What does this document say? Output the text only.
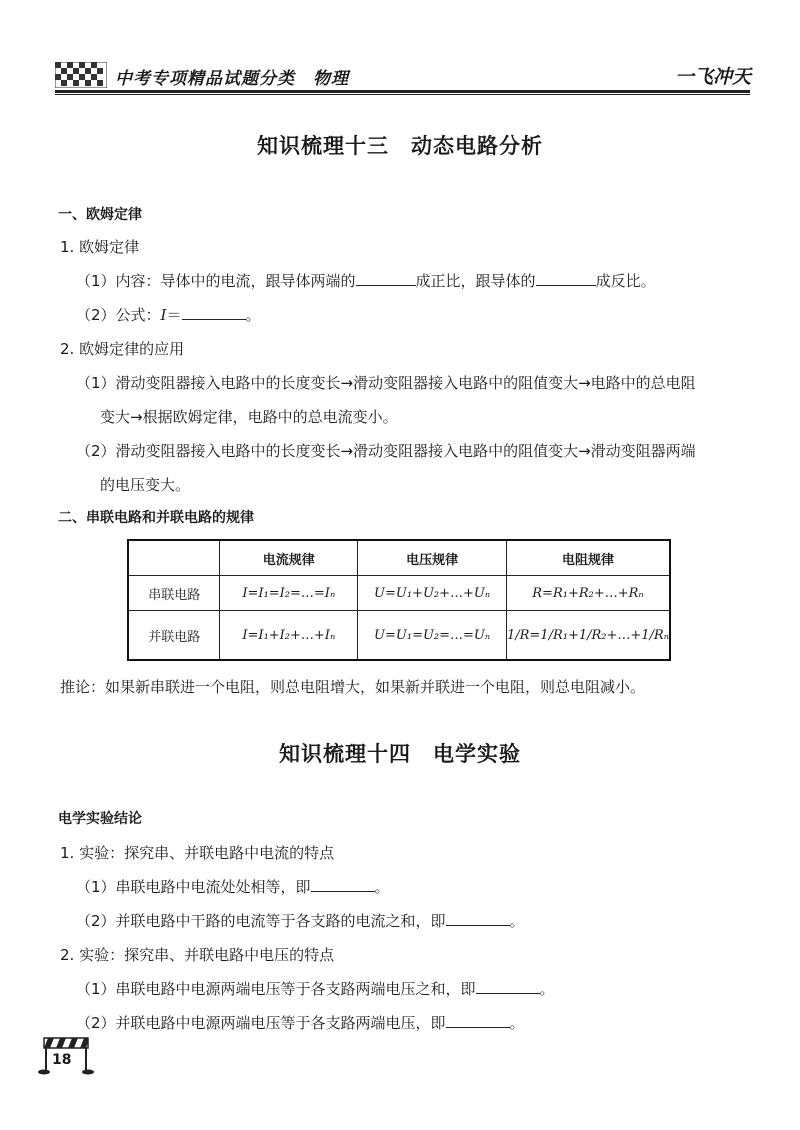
中考专项精品试题分类　物理	一飞冲天
知识梳理十三　动态电路分析
一、欧姆定律
1. 欧姆定律
（1）内容：导体中的电流，跟导体两端的	成正比，跟导体的	成反比。
（2）公式：I＝	。
2. 欧姆定律的应用
（1）滑动变阻器接入电路中的长度变长→滑动变阻器接入电路中的阻值变大→电路中的总电阻
变大→根据欧姆定律，电路中的总电流变小。
（2）滑动变阻器接入电路中的长度变长→滑动变阻器接入电路中的阻值变大→滑动变阻器两端
的电压变大。
二、串联电路和并联电路的规律
	电流规律	电压规律	电阻规律
串联电路	I=I₁=I₂=…=Iₙ	U=U₁+U₂+…+Uₙ	R=R₁+R₂+…+Rₙ
并联电路	I=I₁+I₂+…+Iₙ	U=U₁=U₂=…=Uₙ	1/R=1/R₁+1/R₂+…+1/Rₙ
推论：如果新串联进一个电阻，则总电阻增大，如果新并联进一个电阻，则总电阻减小。
知识梳理十四　电学实验
电学实验结论
1. 实验：探究串、并联电路中电流的特点
（1）串联电路中电流处处相等，即	。
（2）并联电路中干路的电流等于各支路的电流之和，即	。
2. 实验：探究串、并联电路中电压的特点
（1）串联电路中电源两端电压等于各支路两端电压之和，即	。
（2）并联电路中电源两端电压等于各支路两端电压，即	。
18
